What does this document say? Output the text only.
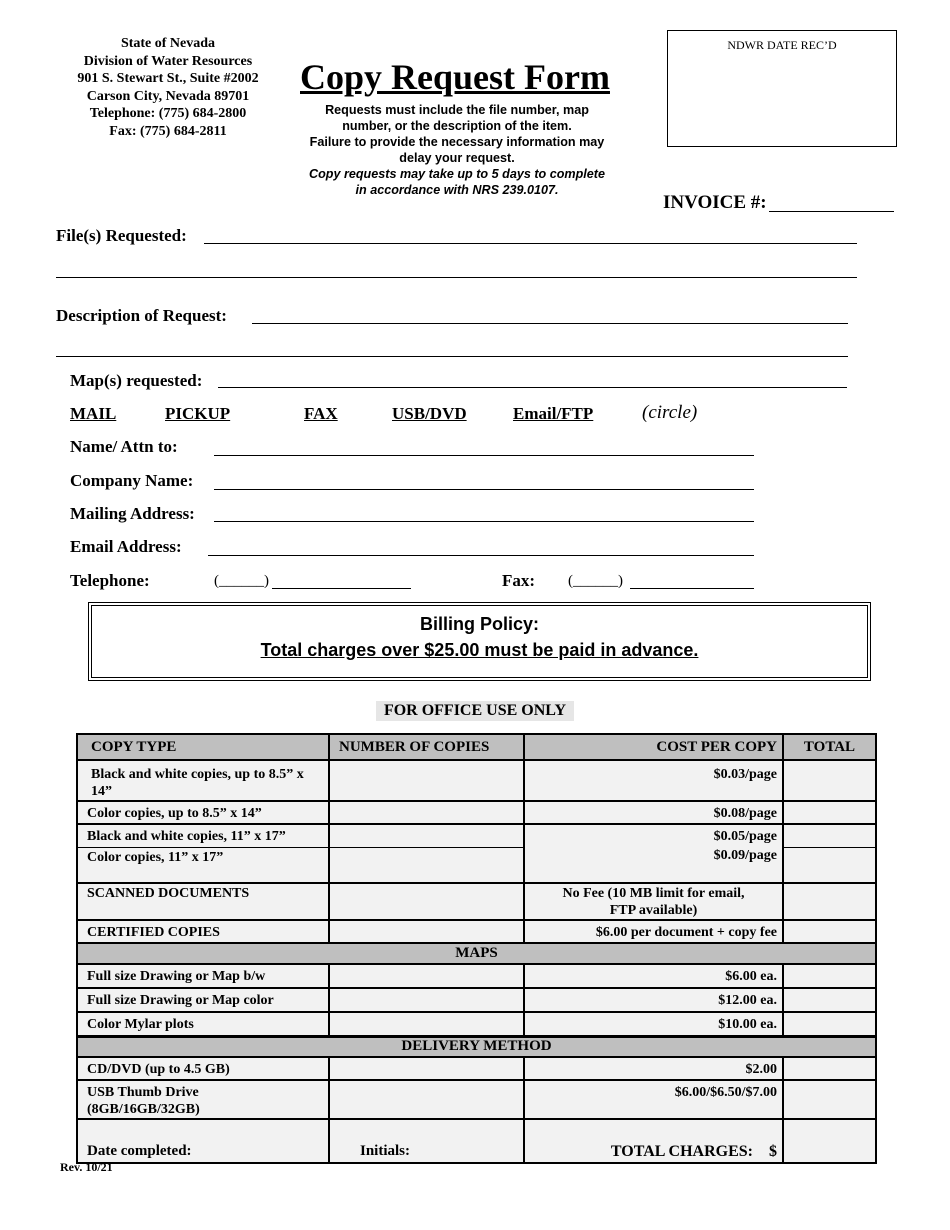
State of Nevada
Division of Water Resources
901 S. Stewart St., Suite #2002
Carson City, Nevada 89701
Telephone: (775) 684-2800
Fax: (775) 684-2811
Copy Request Form
Requests must include the file number, map
number, or the description of the item.
Failure to provide the necessary information may
delay your request.
Copy requests may take up to 5 days to complete
in accordance with NRS 239.0107.
NDWR DATE REC’D
INVOICE #:
File(s) Requested:
Description of Request:
Map(s) requested:
MAIL	PICKUP	FAX	USB/DVD	Email/FTP	(circle)
Name/ Attn to:
Company Name:
Mailing Address:
Email Address:
Telephone:	(______)	Fax: (______)
Billing Policy:
Total charges over $25.00 must be paid in advance.
FOR OFFICE USE ONLY
COPY TYPE	NUMBER OF COPIES	COST PER COPY	TOTAL
Black and white copies, up to 8.5” x 14”		$0.03/page	
Color copies, up to 8.5” x 14”		$0.08/page	
Black and white copies, 11” x 17”		$0.05/page	
Color copies, 11” x 17”		$0.09/page	
SCANNED DOCUMENTS		No Fee (10 MB limit for email, FTP available)	
CERTIFIED COPIES		$6.00 per document + copy fee	
MAPS			
Full size Drawing or Map b/w		$6.00 ea.	
Full size Drawing or Map color		$12.00 ea.	
Color Mylar plots		$10.00 ea.	
DELIVERY METHOD			
CD/DVD (up to 4.5 GB)		$2.00	
USB Thumb Drive (8GB/16GB/32GB)		$6.00/$6.50/$7.00	
Date completed:	Initials:	TOTAL CHARGES:    $	
Rev. 10/21
